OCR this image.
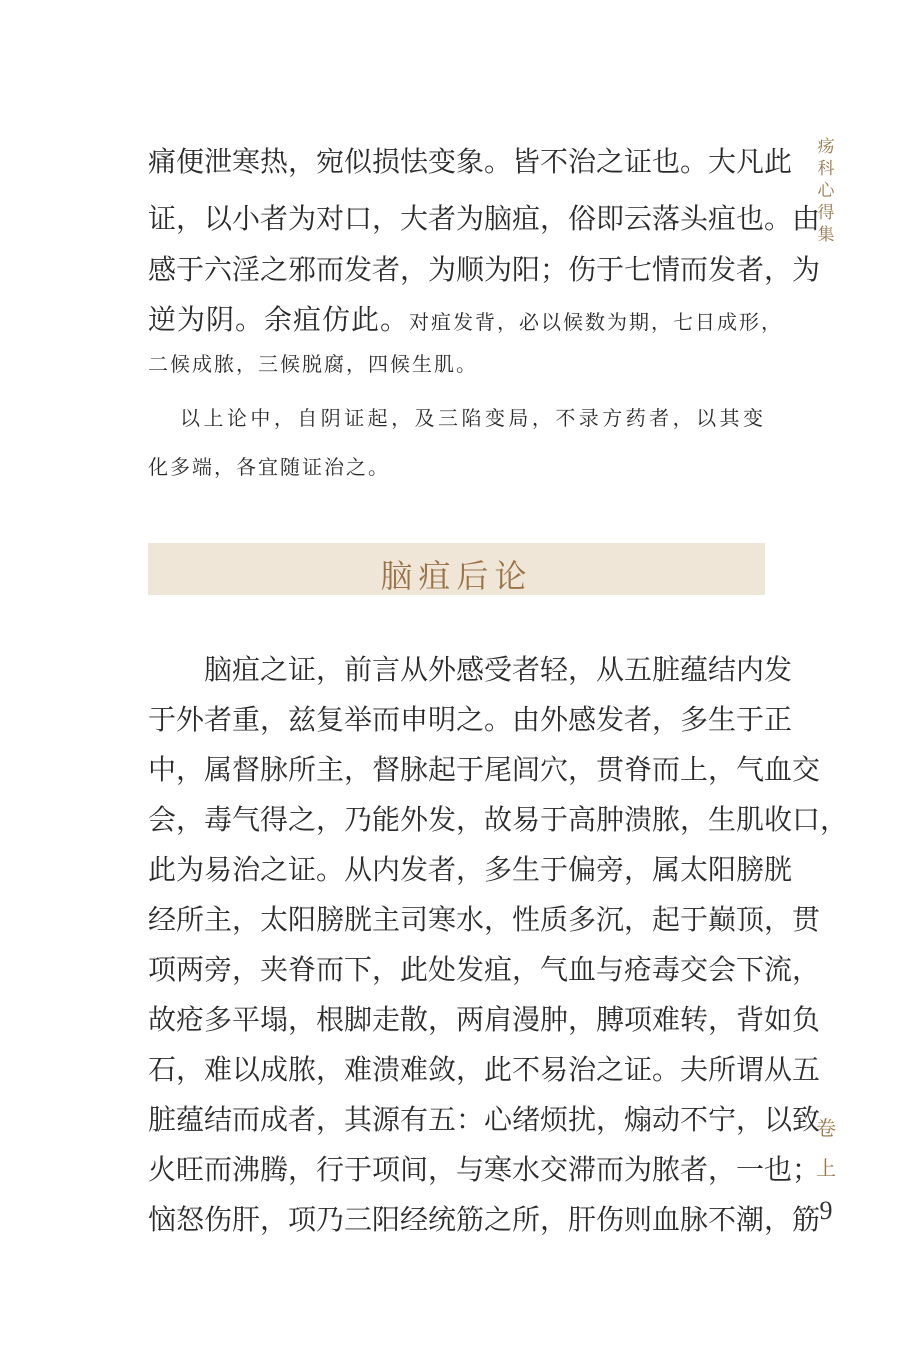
疡
科
心
得
集
卷
上
9
痛便泄寒热，宛似损怯变象。皆不治之证也。大凡此
证，以小者为对口，大者为脑疽，俗即云落头疽也。由
感于六淫之邪而发者，为顺为阳；伤于七情而发者，为
逆为阴。余疽仿此。对疽发背，必以候数为期，七日成形，
二候成脓，三候脱腐，四候生肌。
以上论中，自阴证起，及三陷变局，不录方药者，以其变
化多端，各宜随证治之。
脑疽之证，前言从外感受者轻，从五脏蕴结内发
于外者重，兹复举而申明之。由外感发者，多生于正
中，属督脉所主，督脉起于尾闾穴，贯脊而上，气血交
会，毒气得之，乃能外发，故易于高肿溃脓，生肌收口，
此为易治之证。从内发者，多生于偏旁，属太阳膀胱
经所主，太阳膀胱主司寒水，性质多沉，起于巅顶，贯
项两旁，夹脊而下，此处发疽，气血与疮毒交会下流，
故疮多平塌，根脚走散，两肩漫肿，膊项难转，背如负
石，难以成脓，难溃难敛，此不易治之证。夫所谓从五
脏蕴结而成者，其源有五：心绪烦扰，煽动不宁，以致
火旺而沸腾，行于项间，与寒水交滞而为脓者，一也；
恼怒伤肝，项乃三阳经统筋之所，肝伤则血脉不潮，筋
脑疽后论
